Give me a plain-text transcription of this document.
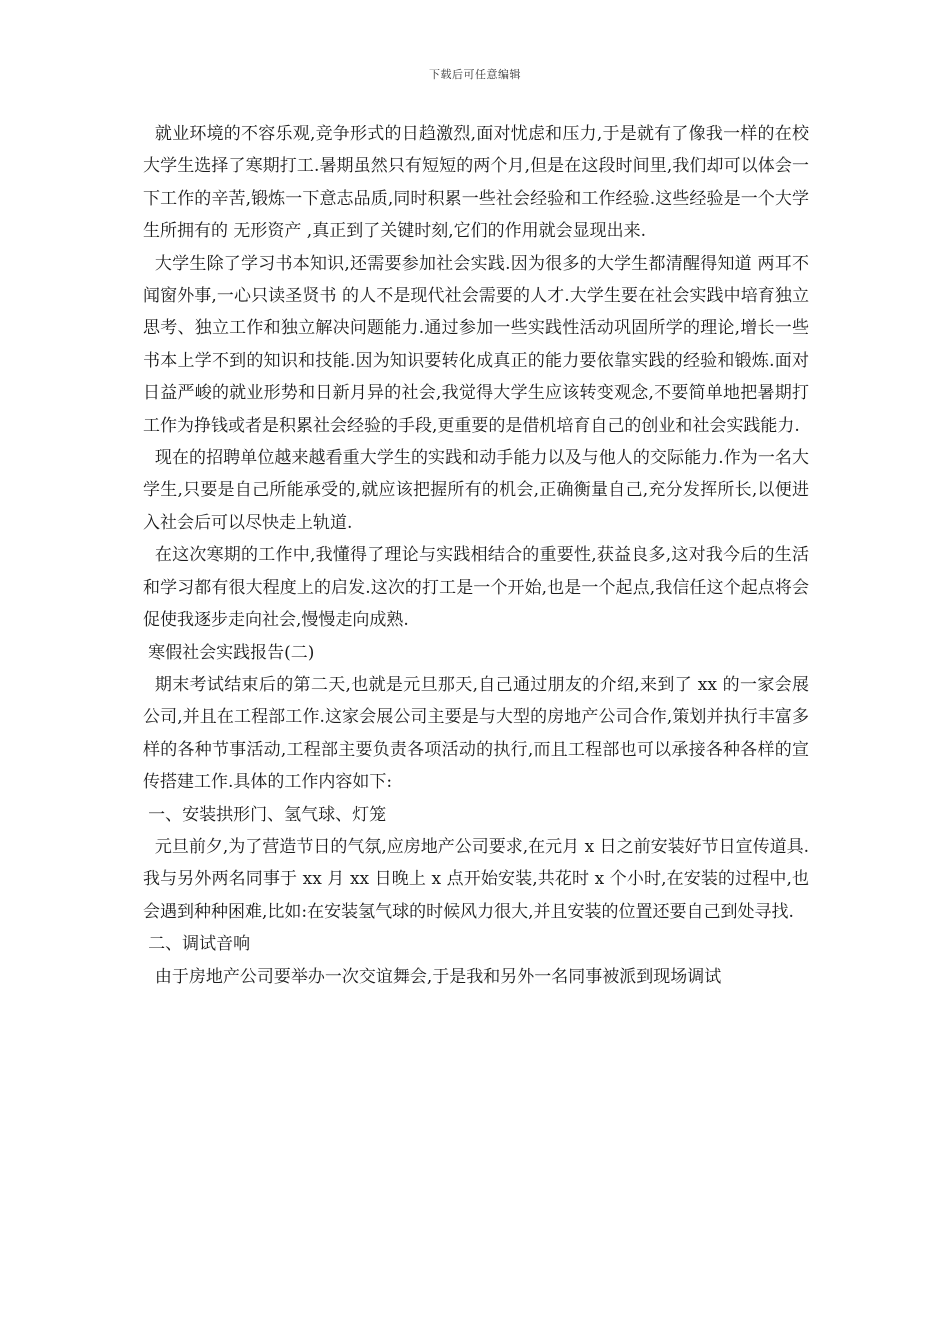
下载后可任意编辑

就业环境的不容乐观,竞争形式的日趋激烈,面对忧虑和压力,于是就有了像我一样的在校大学生选择了寒期打工.暑期虽然只有短短的两个月,但是在这段时间里,我们却可以体会一下工作的辛苦,锻炼一下意志品质,同时积累一些社会经验和工作经验.这些经验是一个大学生所拥有的 无形资产 ,真正到了关键时刻,它们的作用就会显现出来.

大学生除了学习书本知识,还需要参加社会实践.因为很多的大学生都清醒得知道 两耳不闻窗外事,一心只读圣贤书 的人不是现代社会需要的人才.大学生要在社会实践中培育独立思考、独立工作和独立解决问题能力.通过参加一些实践性活动巩固所学的理论,增长一些书本上学不到的知识和技能.因为知识要转化成真正的能力要依靠实践的经验和锻炼.面对日益严峻的就业形势和日新月异的社会,我觉得大学生应该转变观念,不要简单地把暑期打工作为挣钱或者是积累社会经验的手段,更重要的是借机培育自己的创业和社会实践能力.

现在的招聘单位越来越看重大学生的实践和动手能力以及与他人的交际能力.作为一名大学生,只要是自己所能承受的,就应该把握所有的机会,正确衡量自己,充分发挥所长,以便进入社会后可以尽快走上轨道.

在这次寒期的工作中,我懂得了理论与实践相结合的重要性,获益良多,这对我今后的生活和学习都有很大程度上的启发.这次的打工是一个开始,也是一个起点,我信任这个起点将会促使我逐步走向社会,慢慢走向成熟.

寒假社会实践报告(二)

期末考试结束后的第二天,也就是元旦那天,自己通过朋友的介绍,来到了 xx 的一家会展公司,并且在工程部工作.这家会展公司主要是与大型的房地产公司合作,策划并执行丰富多样的各种节事活动,工程部主要负责各项活动的执行,而且工程部也可以承接各种各样的宣传搭建工作.具体的工作内容如下:

一、安装拱形门、氢气球、灯笼

元旦前夕,为了营造节日的气氛,应房地产公司要求,在元月 x 日之前安装好节日宣传道具.我与另外两名同事于 xx 月 xx 日晚上 x 点开始安装,共花时 x 个小时,在安装的过程中,也会遇到种种困难,比如:在安装氢气球的时候风力很大,并且安装的位置还要自己到处寻找.

二、调试音响

由于房地产公司要举办一次交谊舞会,于是我和另外一名同事被派到现场调试
